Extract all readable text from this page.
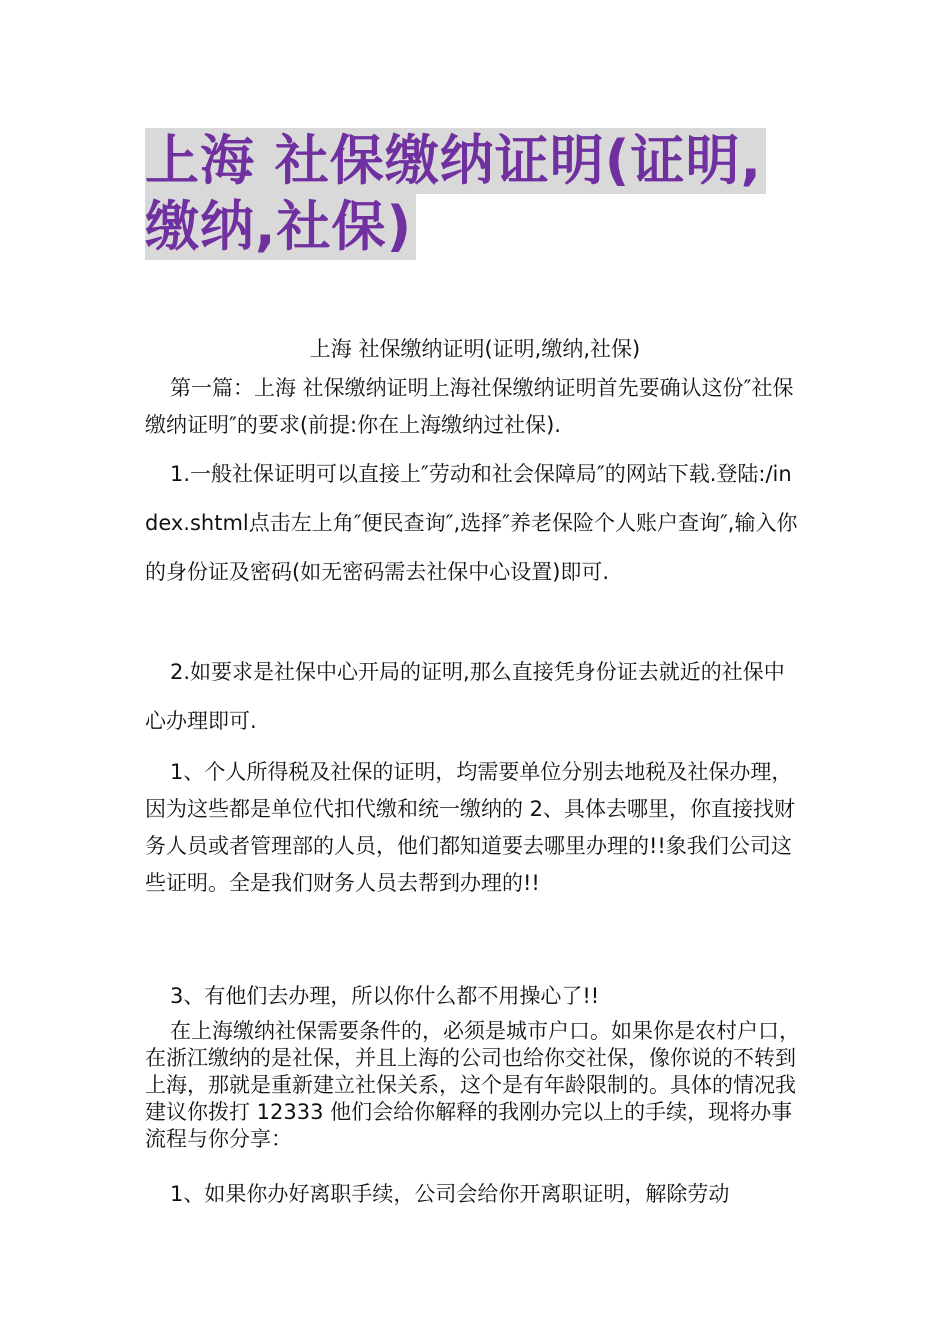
上海 社保缴纳证明(证明,
缴纳,社保)
上海 社保缴纳证明(证明,缴纳,社保)

第一篇：上海 社保缴纳证明上海社保缴纳证明首先要确认这份″社保缴纳证明″的要求(前提:你在上海缴纳过社保).

1.一般社保证明可以直接上″劳动和社会保障局″的网站下载.登陆:/index.shtml点击左上角″便民查询″,选择″养老保险个人账户查询″,输入你的身份证及密码(如无密码需去社保中心设置)即可.

2.如要求是社保中心开局的证明,那么直接凭身份证去就近的社保中心办理即可.

1、个人所得税及社保的证明，均需要单位分别去地税及社保办理，因为这些都是单位代扣代缴和统一缴纳的 2、具体去哪里，你直接找财务人员或者管理部的人员，他们都知道要去哪里办理的!!象我们公司这些证明。全是我们财务人员去帮到办理的!!

3、有他们去办理，所以你什么都不用操心了!!

在上海缴纳社保需要条件的，必须是城市户口。如果你是农村户口，在浙江缴纳的是社保，并且上海的公司也给你交社保，像你说的不转到上海，那就是重新建立社保关系，这个是有年龄限制的。具体的情况我建议你拨打 12333 他们会给你解释的我刚办完以上的手续，现将办事流程与你分享：

1、如果你办好离职手续，公司会给你开离职证明，解除劳动
